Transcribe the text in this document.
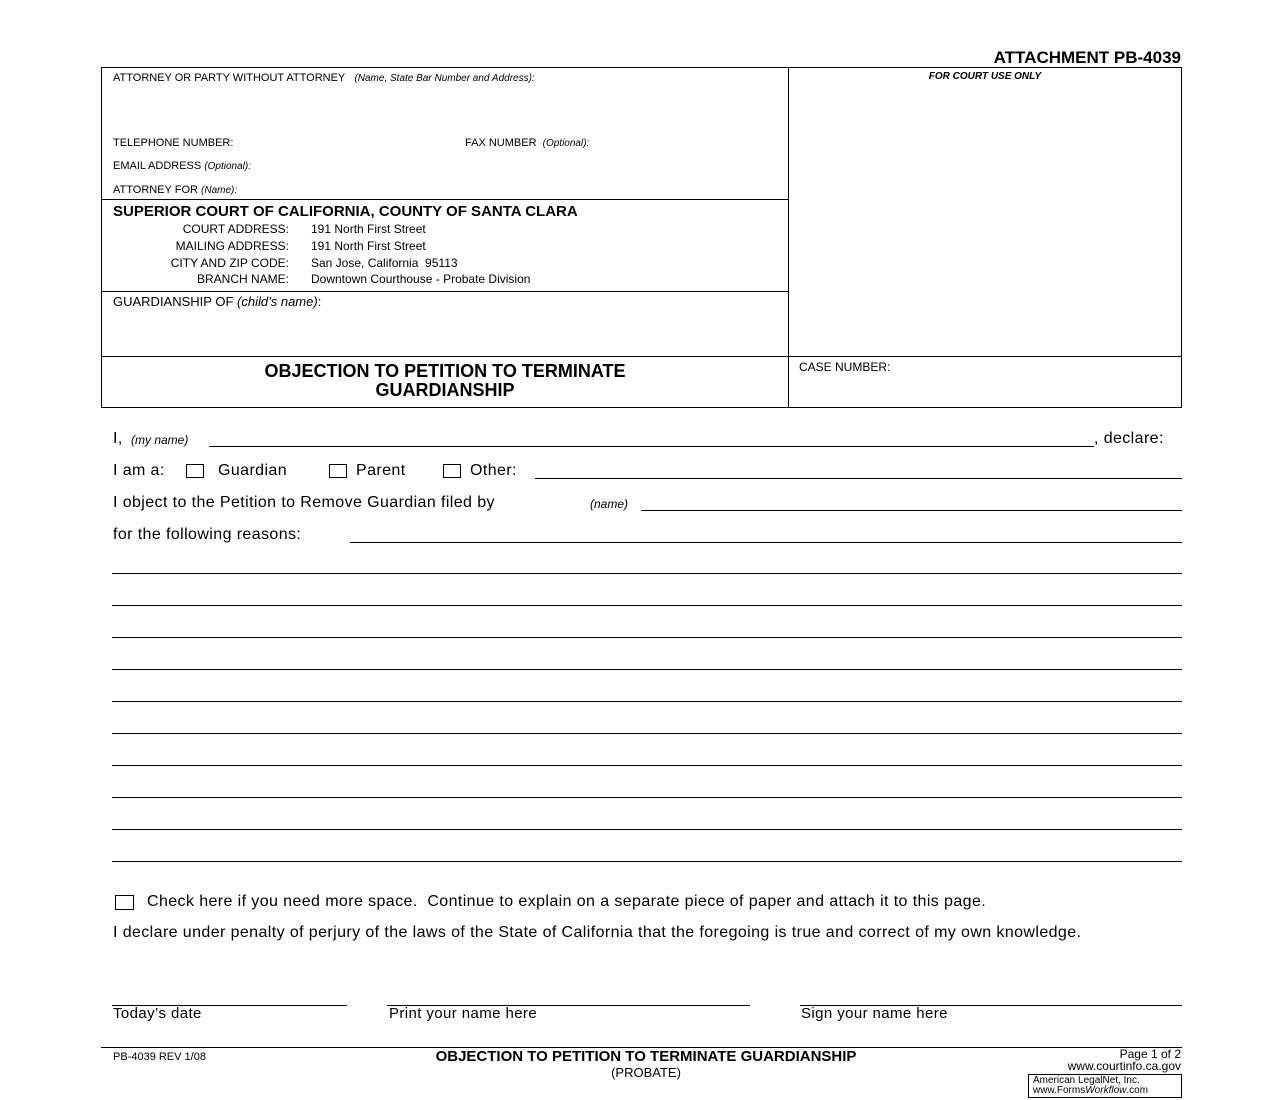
ATTACHMENT PB-4039
ATTORNEY OR PARTY WITHOUT ATTORNEY (Name, State Bar Number and Address):
TELEPHONE NUMBER:	FAX NUMBER (Optional):
EMAIL ADDRESS (Optional):
ATTORNEY FOR (Name):
FOR COURT USE ONLY
SUPERIOR COURT OF CALIFORNIA, COUNTY OF SANTA CLARA
COURT ADDRESS: 191 North First Street
MAILING ADDRESS: 191 North First Street
CITY AND ZIP CODE: San Jose, California  95113
BRANCH NAME: Downtown Courthouse - Probate Division
GUARDIANSHIP OF (child’s name):
OBJECTION TO PETITION TO TERMINATE
GUARDIANSHIP
CASE NUMBER:
I, (my name)	, declare:
I am a:	Guardian	Parent	Other:
I object to the Petition to Remove Guardian filed by	(name)
for the following reasons:
Check here if you need more space.  Continue to explain on a separate piece of paper and attach it to this page.
I declare under penalty of perjury of the laws of the State of California that the foregoing is true and correct of my own knowledge.
Today’s date	Print your name here	Sign your name here
PB-4039 REV 1/08	OBJECTION TO PETITION TO TERMINATE GUARDIANSHIP
(PROBATE)
Page 1 of 2
www.courtinfo.ca.gov
American LegalNet, Inc.
www.FormsWorkflow.com
